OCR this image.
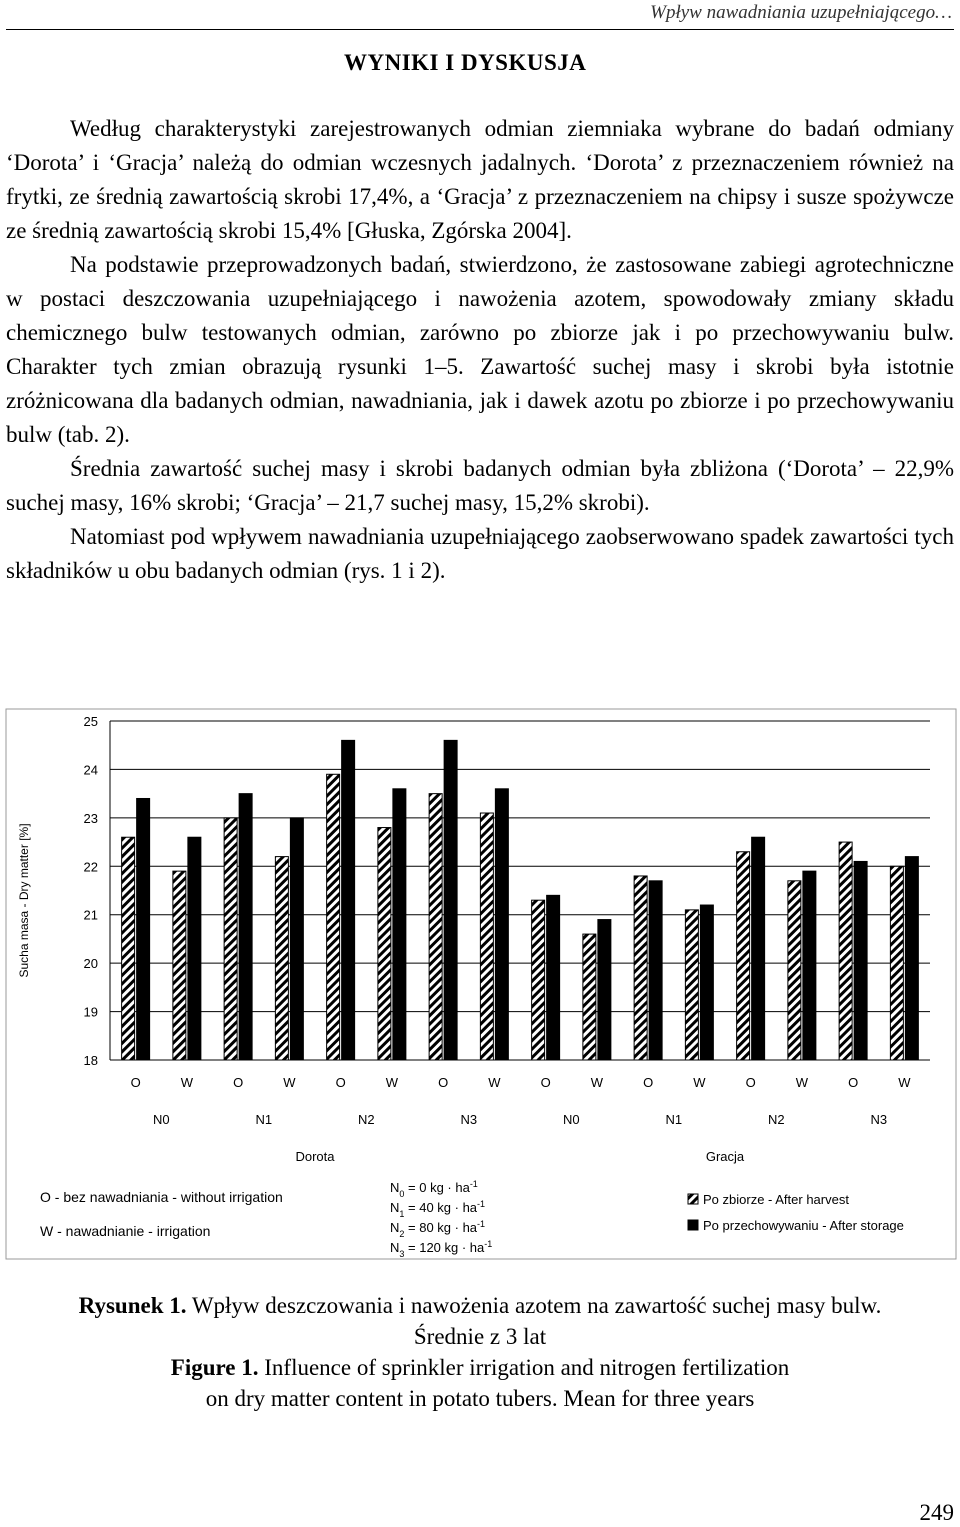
Wpływ nawadniania uzupełniającego…
WYNIKI I DYSKUSJA

Według charakterystyki zarejestrowanych odmian ziemniaka wybrane do badań odmiany ‘Dorota’ i ‘Gracja’ należą do odmian wczesnych jadalnych. ‘Dorota’ z przeznaczeniem również na frytki, ze średnią zawartością skrobi 17,4%, a ‘Gracja’ z przeznaczeniem na chipsy i susze spożywcze ze średnią zawartością skrobi 15,4% [Głuska, Zgórska 2004].

Na podstawie przeprowadzonych badań, stwierdzono, że zastosowane zabiegi agrotechniczne w postaci deszczowania uzupełniającego i nawożenia azotem, spowodowały zmiany składu chemicznego bulw testowanych odmian, zarówno po zbiorze jak i po przechowywaniu bulw. Charakter tych zmian obrazują rysunki 1–5. Zawartość suchej masy i skrobi była istotnie zróżnicowana dla badanych odmian, nawadniania, jak i dawek azotu po zbiorze i po przechowywaniu bulw (tab. 2).

Średnia zawartość suchej masy i skrobi badanych odmian była zbliżona (‘Dorota’ – 22,9% suchej masy, 16% skrobi; ‘Gracja’ – 21,7 suchej masy, 15,2% skrobi).

Natomiast pod wpływem nawadniania uzupełniającego zaobserwowano spadek zawartości tych składników u obu badanych odmian (rys. 1 i 2).

18
19
20
21
22
23
24
25
Sucha masa - Dry matter [%]
O	W	O	W	O	W	O	W	O	W	O	W	O	W	O	W
N0	N1	N2	N3	N0	N1	N2	N3
Dorota	Gracja
O - bez nawadniania - without irrigation
W - nawadnianie - irrigation
$N_0 = 0$ kg · $ha^{-1}$
$N_1 = 40$ kg · $ha^{-1}$
$N_2 = 80$ kg · $ha^{-1}$
$N_3 = 120$ kg · $ha^{-1}$
Po zbiorze - After harvest
Po przechowywaniu - After storage
Rysunek 1. Wpływ deszczowania i nawożenia azotem na zawartość suchej masy bulw.
Średnie z 3 lat
Figure 1. Influence of sprinkler irrigation and nitrogen fertilization
on dry matter content in potato tubers. Mean for three years
249
